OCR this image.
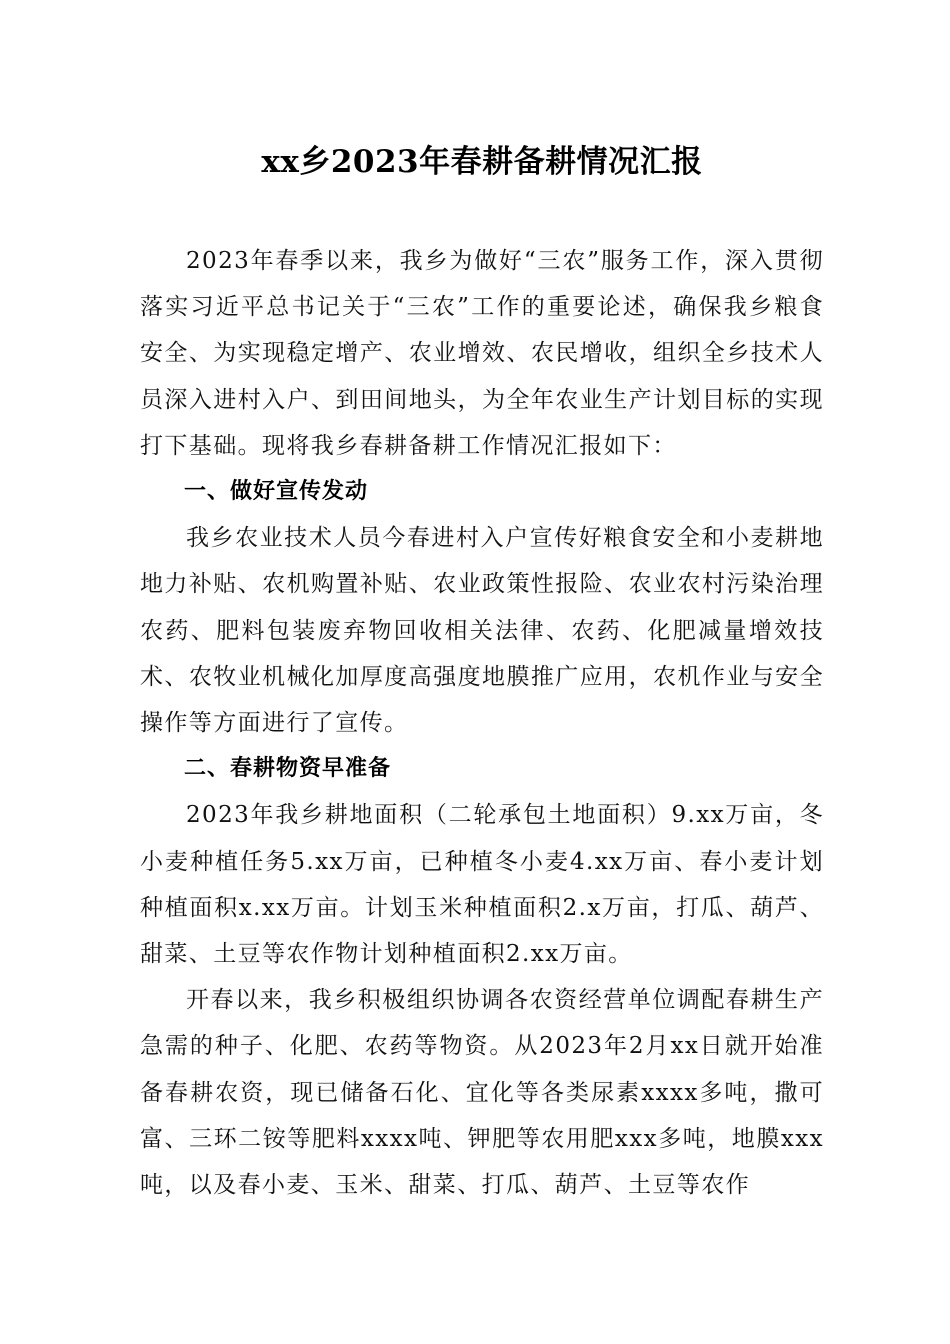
xx乡2023年春耕备耕情况汇报

2023年春季以来，我乡为做好“三农”服务工作，深入贯彻落实习近平总书记关于“三农”工作的重要论述，确保我乡粮食安全、为实现稳定增产、农业增效、农民增收，组织全乡技术人员深入进村入户、到田间地头，为全年农业生产计划目标的实现打下基础。现将我乡春耕备耕工作情况汇报如下：

一、做好宣传发动

我乡农业技术人员今春进村入户宣传好粮食安全和小麦耕地地力补贴、农机购置补贴、农业政策性报险、农业农村污染治理农药、肥料包装废弃物回收相关法律、农药、化肥减量增效技术、农牧业机械化加厚度高强度地膜推广应用，农机作业与安全操作等方面进行了宣传。

二、春耕物资早准备

2023年我乡耕地面积（二轮承包土地面积）9.xx万亩，冬小麦种植任务5.xx万亩，已种植冬小麦4.xx万亩、春小麦计划种植面积x.xx万亩。计划玉米种植面积2.x万亩，打瓜、葫芦、甜菜、土豆等农作物计划种植面积2.xx万亩。

开春以来，我乡积极组织协调各农资经营单位调配春耕生产急需的种子、化肥、农药等物资。从2023年2月xx日就开始准备春耕农资，现已储备石化、宜化等各类尿素xxxx多吨，撒可富、三环二铵等肥料xxxx吨、钾肥等农用肥xxx多吨，地膜xxx吨，以及春小麦、玉米、甜菜、打瓜、葫芦、土豆等农作
